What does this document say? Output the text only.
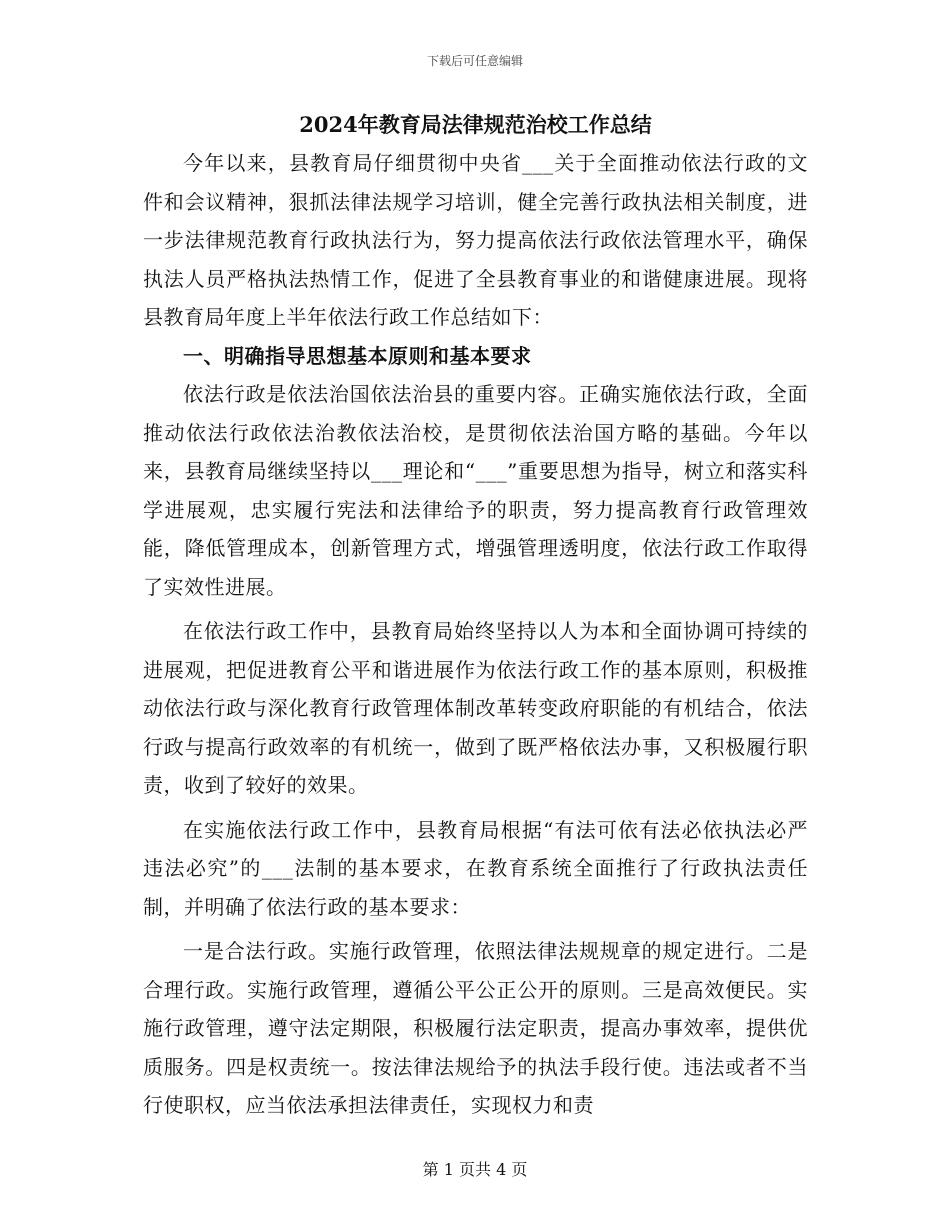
下载后可任意编辑
2024年教育局法律规范治校工作总结

今年以来，县教育局仔细贯彻中央省___关于全面推动依法行政的文件和会议精神，狠抓法律法规学习培训，健全完善行政执法相关制度，进一步法律规范教育行政执法行为，努力提高依法行政依法管理水平，确保执法人员严格执法热情工作，促进了全县教育事业的和谐健康进展。现将县教育局年度上半年依法行政工作总结如下：

一、明确指导思想基本原则和基本要求

依法行政是依法治国依法治县的重要内容。正确实施依法行政，全面推动依法行政依法治教依法治校，是贯彻依法治国方略的基础。今年以来，县教育局继续坚持以___理论和“___”重要思想为指导，树立和落实科学进展观，忠实履行宪法和法律给予的职责，努力提高教育行政管理效能，降低管理成本，创新管理方式，增强管理透明度，依法行政工作取得了实效性进展。

在依法行政工作中，县教育局始终坚持以人为本和全面协调可持续的进展观，把促进教育公平和谐进展作为依法行政工作的基本原则，积极推动依法行政与深化教育行政管理体制改革转变政府职能的有机结合，依法行政与提高行政效率的有机统一，做到了既严格依法办事，又积极履行职责，收到了较好的效果。

在实施依法行政工作中，县教育局根据“有法可依有法必依执法必严违法必究”的___法制的基本要求，在教育系统全面推行了行政执法责任制，并明确了依法行政的基本要求：

一是合法行政。实施行政管理，依照法律法规规章的规定进行。二是合理行政。实施行政管理，遵循公平公正公开的原则。三是高效便民。实施行政管理，遵守法定期限，积极履行法定职责，提高办事效率，提供优质服务。四是权责统一。按法律法规给予的执法手段行使。违法或者不当行使职权，应当依法承担法律责任，实现权力和责

第 1 页共 4 页
